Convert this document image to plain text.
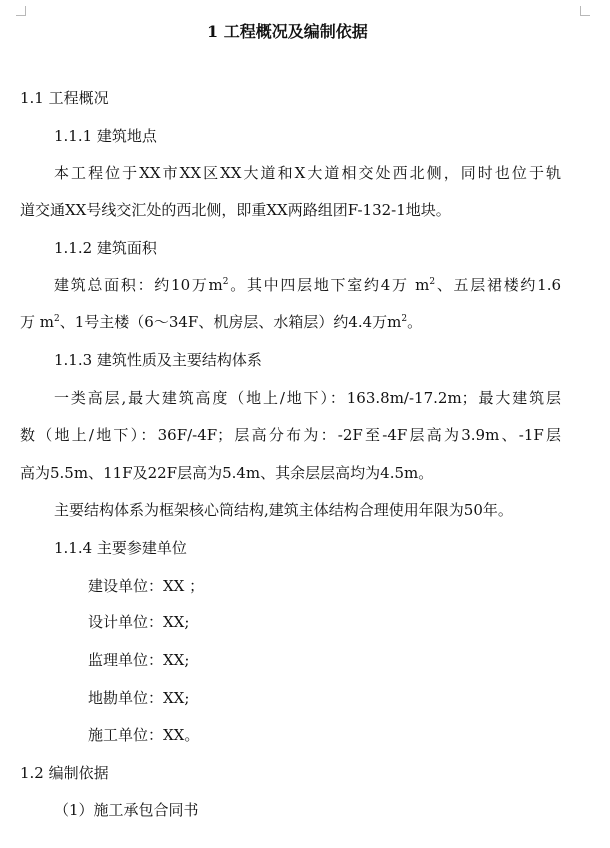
1 工程概况及编制依据
1.1 工程概况
1.1.1 建筑地点
本工程位于XX市XX区XX大道和X大道相交处西北侧，同时也位于轨
道交通XX号线交汇处的西北侧，即重XX两路组团F-132-1地块。
1.1.2 建筑面积
建筑总面积：约10万$m^2$。其中四层地下室约4万 $m^2$、五层裙楼约1.6
万 $m^2$、1号主楼（6～34F、机房层、水箱层）约4.4万$m^2$。
1.1.3 建筑性质及主要结构体系
一类高层,最大建筑高度（地上/地下）：163.8m/-17.2m；最大建筑层
数（地上/地下）：36F/-4F；层高分布为：-2F至-4F层高为3.9m、-1F层
高为5.5m、11F及22F层高为5.4m、其余层层高均为4.5m。
主要结构体系为框架核心筒结构,建筑主体结构合理使用年限为50年。
1.1.4 主要参建单位
建设单位：XX ；
设计单位：XX;
监理单位：XX;
地勘单位：XX;
施工单位：XX。
1.2 编制依据
（1）施工承包合同书
